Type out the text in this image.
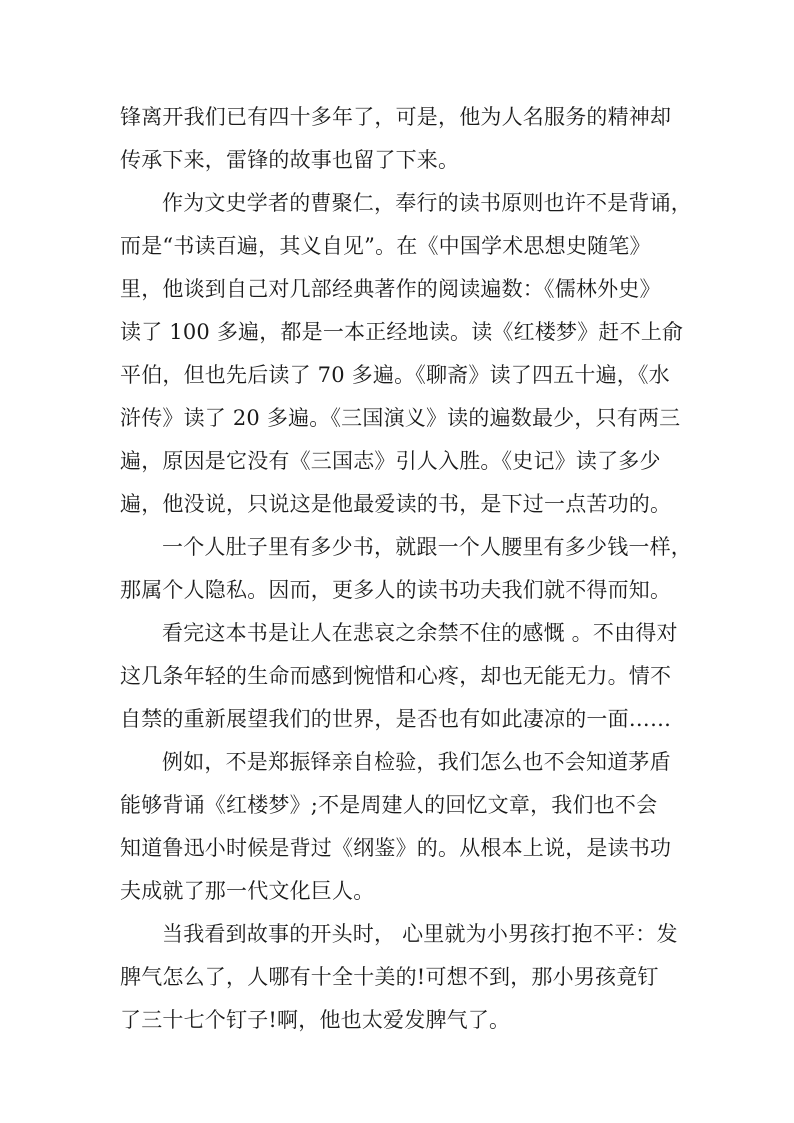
锋离开我们已有四十多年了，可是，他为人名服务的精神却
传承下来，雷锋的故事也留了下来。
作为文史学者的曹聚仁，奉行的读书原则也许不是背诵，
而是“书读百遍，其义自见”。在《中国学术思想史随笔》
里，他谈到自己对几部经典著作的阅读遍数：《儒林外史》
读了 100 多遍，都是一本正经地读。读《红楼梦》赶不上俞
平伯，但也先后读了 70 多遍。《聊斋》读了四五十遍，《水
浒传》读了 20 多遍。《三国演义》读的遍数最少，只有两三
遍，原因是它没有《三国志》引人入胜。《史记》读了多少
遍，他没说，只说这是他最爱读的书，是下过一点苦功的。
一个人肚子里有多少书，就跟一个人腰里有多少钱一样，
那属个人隐私。因而，更多人的读书功夫我们就不得而知。
看完这本书是让人在悲哀之余禁不住的感慨 。不由得对
这几条年轻的生命而感到惋惜和心疼，却也无能无力。情不
自禁的重新展望我们的世界，是否也有如此凄凉的一面……
例如，不是郑振铎亲自检验，我们怎么也不会知道茅盾
能够背诵《红楼梦》;不是周建人的回忆文章，我们也不会
知道鲁迅小时候是背过《纲鉴》的。从根本上说，是读书功
夫成就了那一代文化巨人。
当我看到故事的开头时， 心里就为小男孩打抱不平：发
脾气怎么了，人哪有十全十美的!可想不到，那小男孩竟钉
了三十七个钉子!啊，他也太爱发脾气了。
